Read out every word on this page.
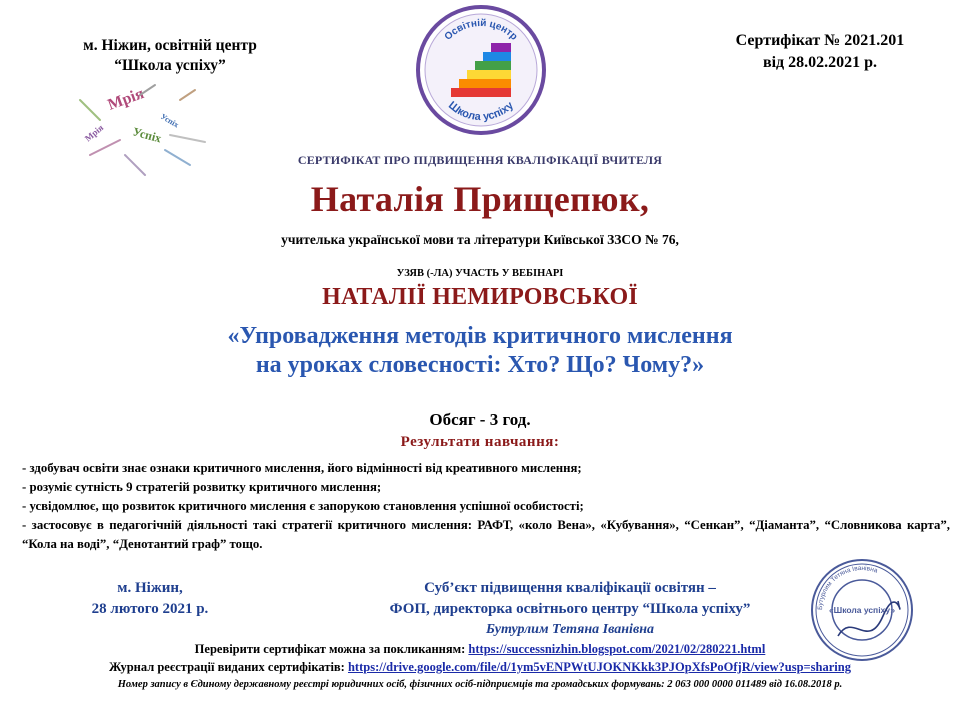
м. Ніжин, освітній центр
“Школа успіху”
Мрія
Успіх
Мрія
Успіх
Освітній центр
Школа успіху
Сертифікат № 2021.201
від 28.02.2021 р.
СЕРТИФІКАТ ПРО ПІДВИЩЕННЯ КВАЛІФІКАЦІЇ ВЧИТЕЛЯ
Наталія Прищепюк,
учителька української мови та літератури Київської ЗЗСО № 76,
УЗЯВ (-ЛА) УЧАСТЬ У ВЕБІНАРІ
НАТАЛІЇ НЕМИРОВСЬКОЇ
«Упровадження методів критичного мислення
на уроках словесності: Хто? Що? Чому?»
Обсяг - 3 год.
Результати навчання:
- здобувач освіти знає ознаки критичного мислення, його відмінності від креативного мислення;
- розуміє сутність 9 стратегій розвитку критичного мислення;
- усвідомлює, що розвиток критичного мислення є запорукою становлення успішної особистості;
- застосовує в педагогічній діяльності такі стратегії критичного мислення: РАФТ, «коло Вена», «Кубування», “Сенкан”, “Діаманта”, “Словникова карта”, “Кола на воді”, “Денотантий граф” тощо.
м. Ніжин,
28 лютого 2021 р.
Суб’єкт підвищення кваліфікації освітян –
ФОП, директорка освітнього центру “Школа успіху”
Бутурлим Тетяна Іванівна
Бутурлим Тетяна Іванівна
«Школа успіху»
Перевірити сертифікат можна за покликанням: https://successnizhin.blogspot.com/2021/02/280221.html
Журнал реєстрації виданих сертифікатів: https://drive.google.com/file/d/1ym5vENPWtUJOKNKkk3PJOpXfsPoOfjR/view?usp=sharing
Номер запису в Єдиному державному реєстрі юридичних осіб, фізичних осіб-підприємців та громадських формувань: 2 063 000 0000 011489 від 16.08.2018 р.
